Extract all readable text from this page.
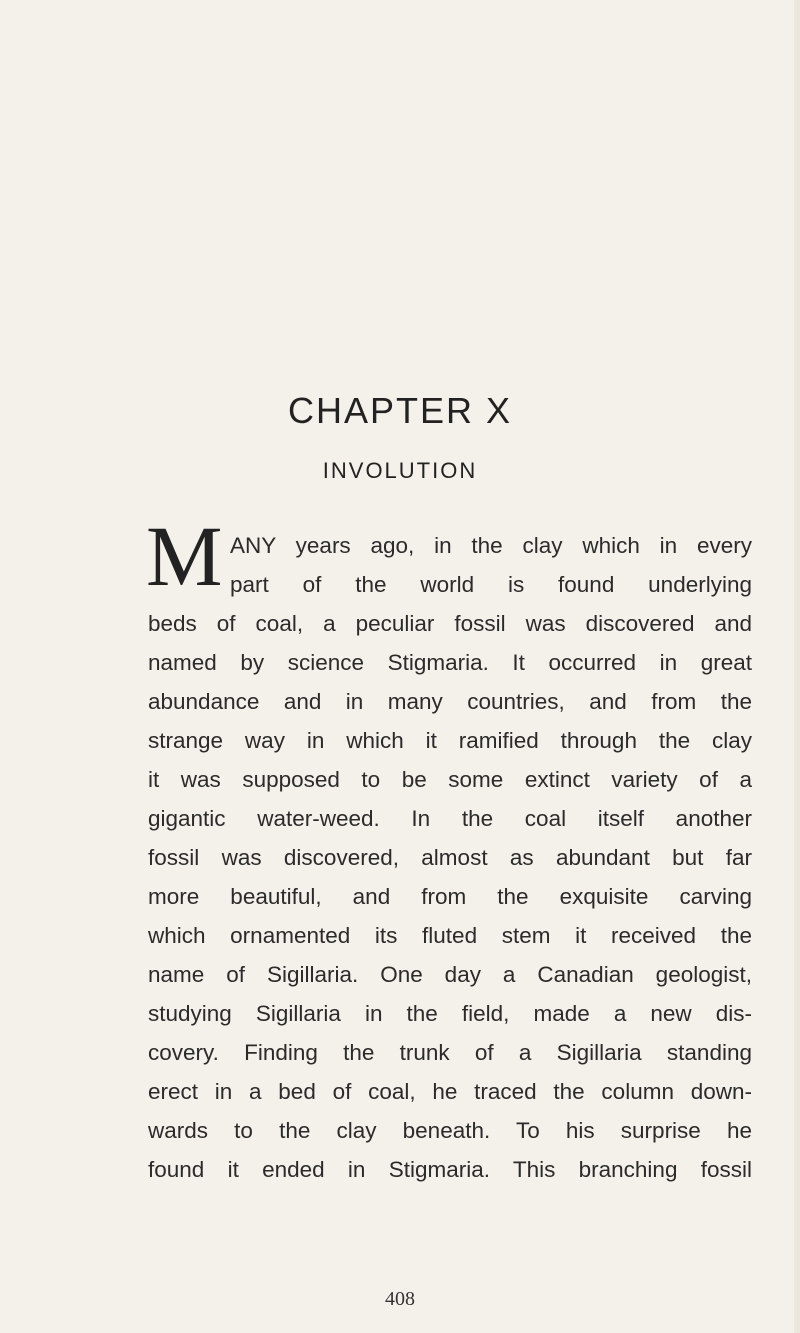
CHAPTER X
INVOLUTION
M ANY years ago, in the clay which in every
part of the world is found underlying
beds of coal, a peculiar fossil was discovered and
named by science Stigmaria. It occurred in great
abundance and in many countries, and from the
strange way in which it ramified through the clay
it was supposed to be some extinct variety of a
gigantic water-weed. In the coal itself another
fossil was discovered, almost as abundant but far
more beautiful, and from the exquisite carving
which ornamented its fluted stem it received the
name of Sigillaria. One day a Canadian geologist,
studying Sigillaria in the field, made a new dis-
covery. Finding the trunk of a Sigillaria standing
erect in a bed of coal, he traced the column down-
wards to the clay beneath. To his surprise he
found it ended in Stigmaria. This branching fossil
408
